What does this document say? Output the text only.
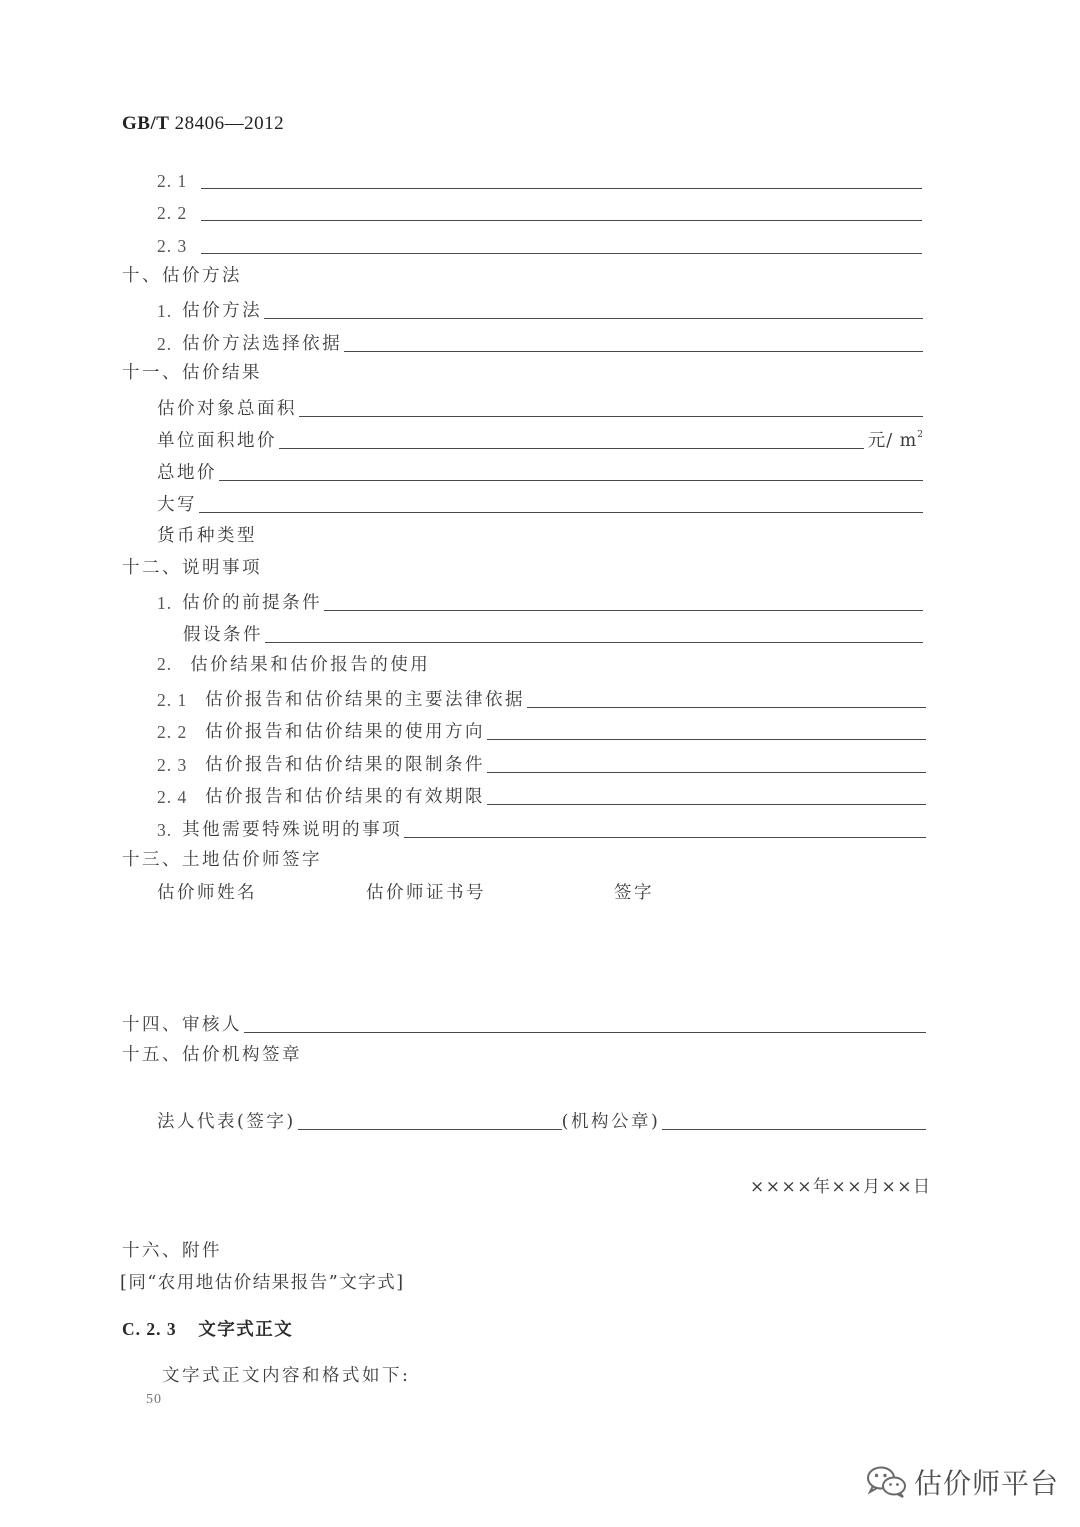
GB/T 28406—2012
2. 1
2. 2
2. 3
十、估价方法
1. 估价方法
2. 估价方法选择依据
十一、估价结果
估价对象总面积
单位面积地价	元/ $m^2$
总地价
大写
货币种类型
十二、说明事项
1. 估价的前提条件
假设条件
2. 估价结果和估价报告的使用
2. 1	估价报告和估价结果的主要法律依据
2. 2	估价报告和估价结果的使用方向
2. 3	估价报告和估价结果的限制条件
2. 4	估价报告和估价结果的有效期限
3. 其他需要特殊说明的事项
十三、土地估价师签字
估价师姓名	估价师证书号	签字
十四、审核人
十五、估价机构签章
法人代表(签字)	(机构公章)
××××年××月××日
十六、附件
[同“农用地估价结果报告”文字式]
C. 2. 3 文字式正文
文字式正文内容和格式如下:
50
估价师平台
